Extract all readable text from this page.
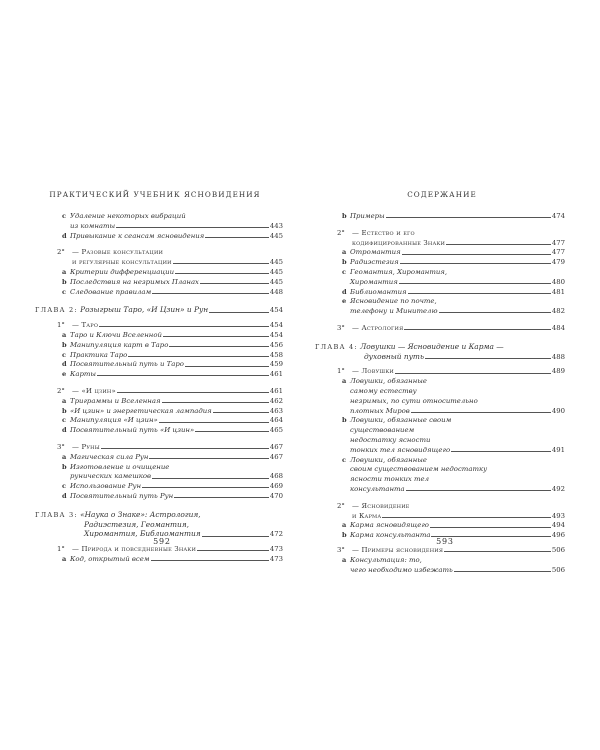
ПРАКТИЧЕСКИЙ УЧЕБНИК ЯСНОВИДЕНИЯ
c Удаление некоторых вибраций
из комнаты	443
d Привыкание к сеансам ясновидения	445
2°	— Разовые консультации
и регулярные консультации	445
a Критерии дифференциации	445
b Последствия на незримых Планах	445
c Следование правилам	448
ГЛАВА 2:
Розыгрыш Таро, «И Цзин» и Рун	454
1°	— Таро	454
a Таро и Ключи Вселенной	454
b Манипуляция карт в Таро	456
c Практика Таро	458
d Посвятительный путь и Таро	459
e Карты	461
2°	— «И цзин»	461
a Триграммы и Вселенная	462
b «И цзин» и энергетическая лампадия	463
c Манипуляция «И цзин»	464
d Посвятительный путь «И цзин»	465
3°	— Руны	467
a Магическая сила Рун	467
b Изготовление и очищение
рунических камешков	468
c Использование Рун	469
d Посвятительный путь Рун	470
ГЛАВА 3:
«Наука о Знаке»: Астрология,
Радиэстезия, Геомантия,
Хиромантия, Библиомантия	472
1°	— Природа и повседневные Знаки	473
a Код, открытый всем	473
592
СОДЕРЖАНИЕ
b Примеры	474
2°	— Естество и его
кодифицированные Знаки	477
a Отромантия	477
b Радиэстезия	479
c Геомантия, Хиромантия,
Хиромантия	480
d Библиомантия	481
e Ясновидение по почте,
телефону и Минителю	482
3°	— Астрология	484
ГЛАВА 4:
Ловушки — Ясновидение и Карма —
духовный путь	488
1°	— Ловушки	489
a Ловушки, обязанные
самому естеству
незримых, по сути относительно
плотных Миров	490
b Ловушки, обязанные своим
существованием
недостатку ясности
тонких тел ясновидящего	491
c Ловушки, обязанные
своим существованием недостатку
ясности тонких тел
консультанта	492
2°	— Ясновидение
и Карма	493
a Карма ясновидящего	494
b Карма консультанта	496
3°	— Примеры ясновидения	506
a Консультация: то,
чего необходимо избежать	506
593
